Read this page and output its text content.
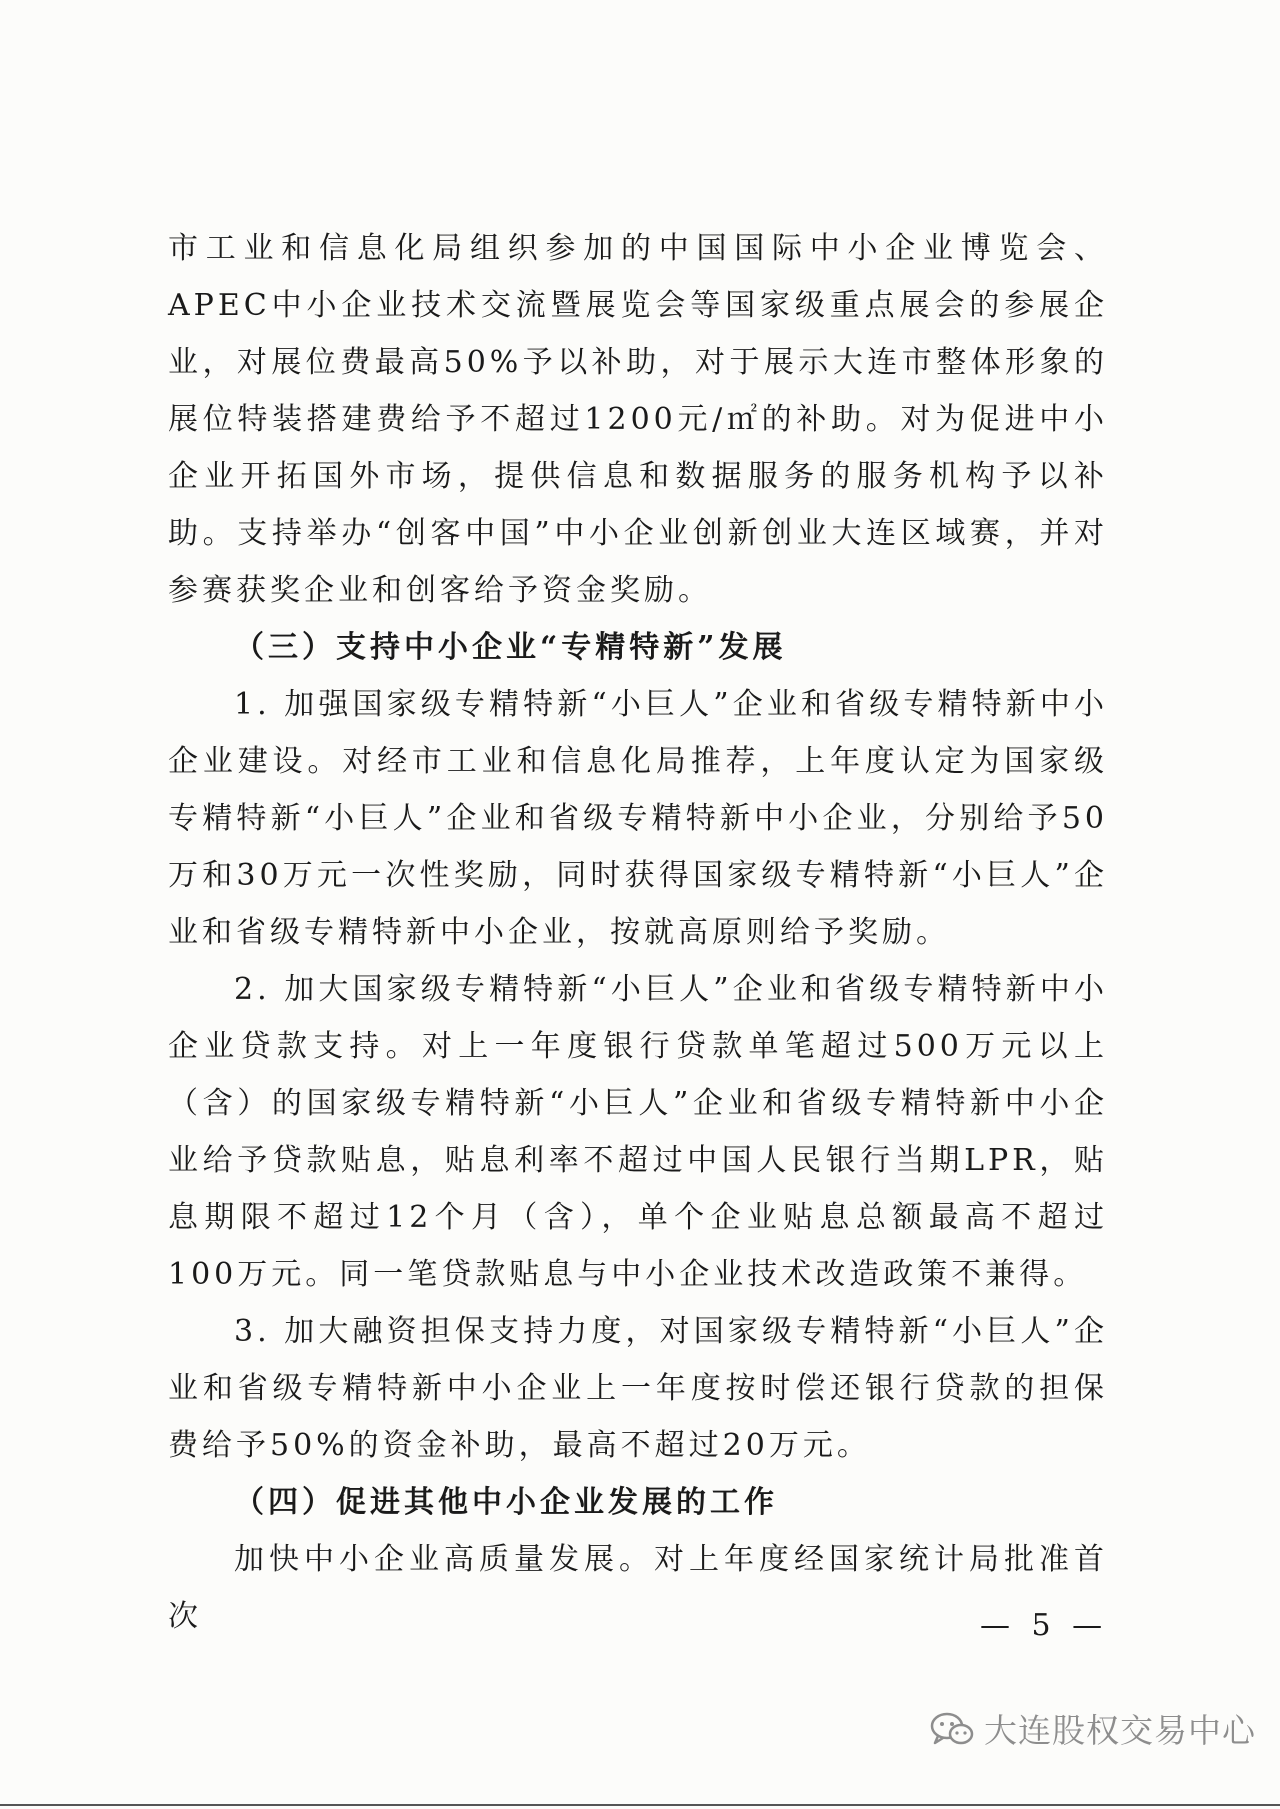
市工业和信息化局组织参加的中国国际中小企业博览会、APEC中小企业技术交流暨展览会等国家级重点展会的参展企业，对展位费最高50%予以补助，对于展示大连市整体形象的展位特装搭建费给予不超过1200元/㎡的补助。对为促进中小企业开拓国外市场，提供信息和数据服务的服务机构予以补助。支持举办“创客中国”中小企业创新创业大连区域赛，并对参赛获奖企业和创客给予资金奖励。

（三）支持中小企业“专精特新”发展

1. 加强国家级专精特新“小巨人”企业和省级专精特新中小企业建设。对经市工业和信息化局推荐，上年度认定为国家级专精特新“小巨人”企业和省级专精特新中小企业，分别给予50万和30万元一次性奖励，同时获得国家级专精特新“小巨人”企业和省级专精特新中小企业，按就高原则给予奖励。

2. 加大国家级专精特新“小巨人”企业和省级专精特新中小企业贷款支持。对上一年度银行贷款单笔超过500万元以上（含）的国家级专精特新“小巨人”企业和省级专精特新中小企业给予贷款贴息，贴息利率不超过中国人民银行当期LPR，贴息期限不超过12个月（含），单个企业贴息总额最高不超过100万元。同一笔贷款贴息与中小企业技术改造政策不兼得。

3. 加大融资担保支持力度，对国家级专精特新“小巨人”企业和省级专精特新中小企业上一年度按时偿还银行贷款的担保费给予50%的资金补助，最高不超过20万元。

（四）促进其他中小企业发展的工作

加快中小企业高质量发展。对上年度经国家统计局批准首次	— 5 —
大连股权交易中心
